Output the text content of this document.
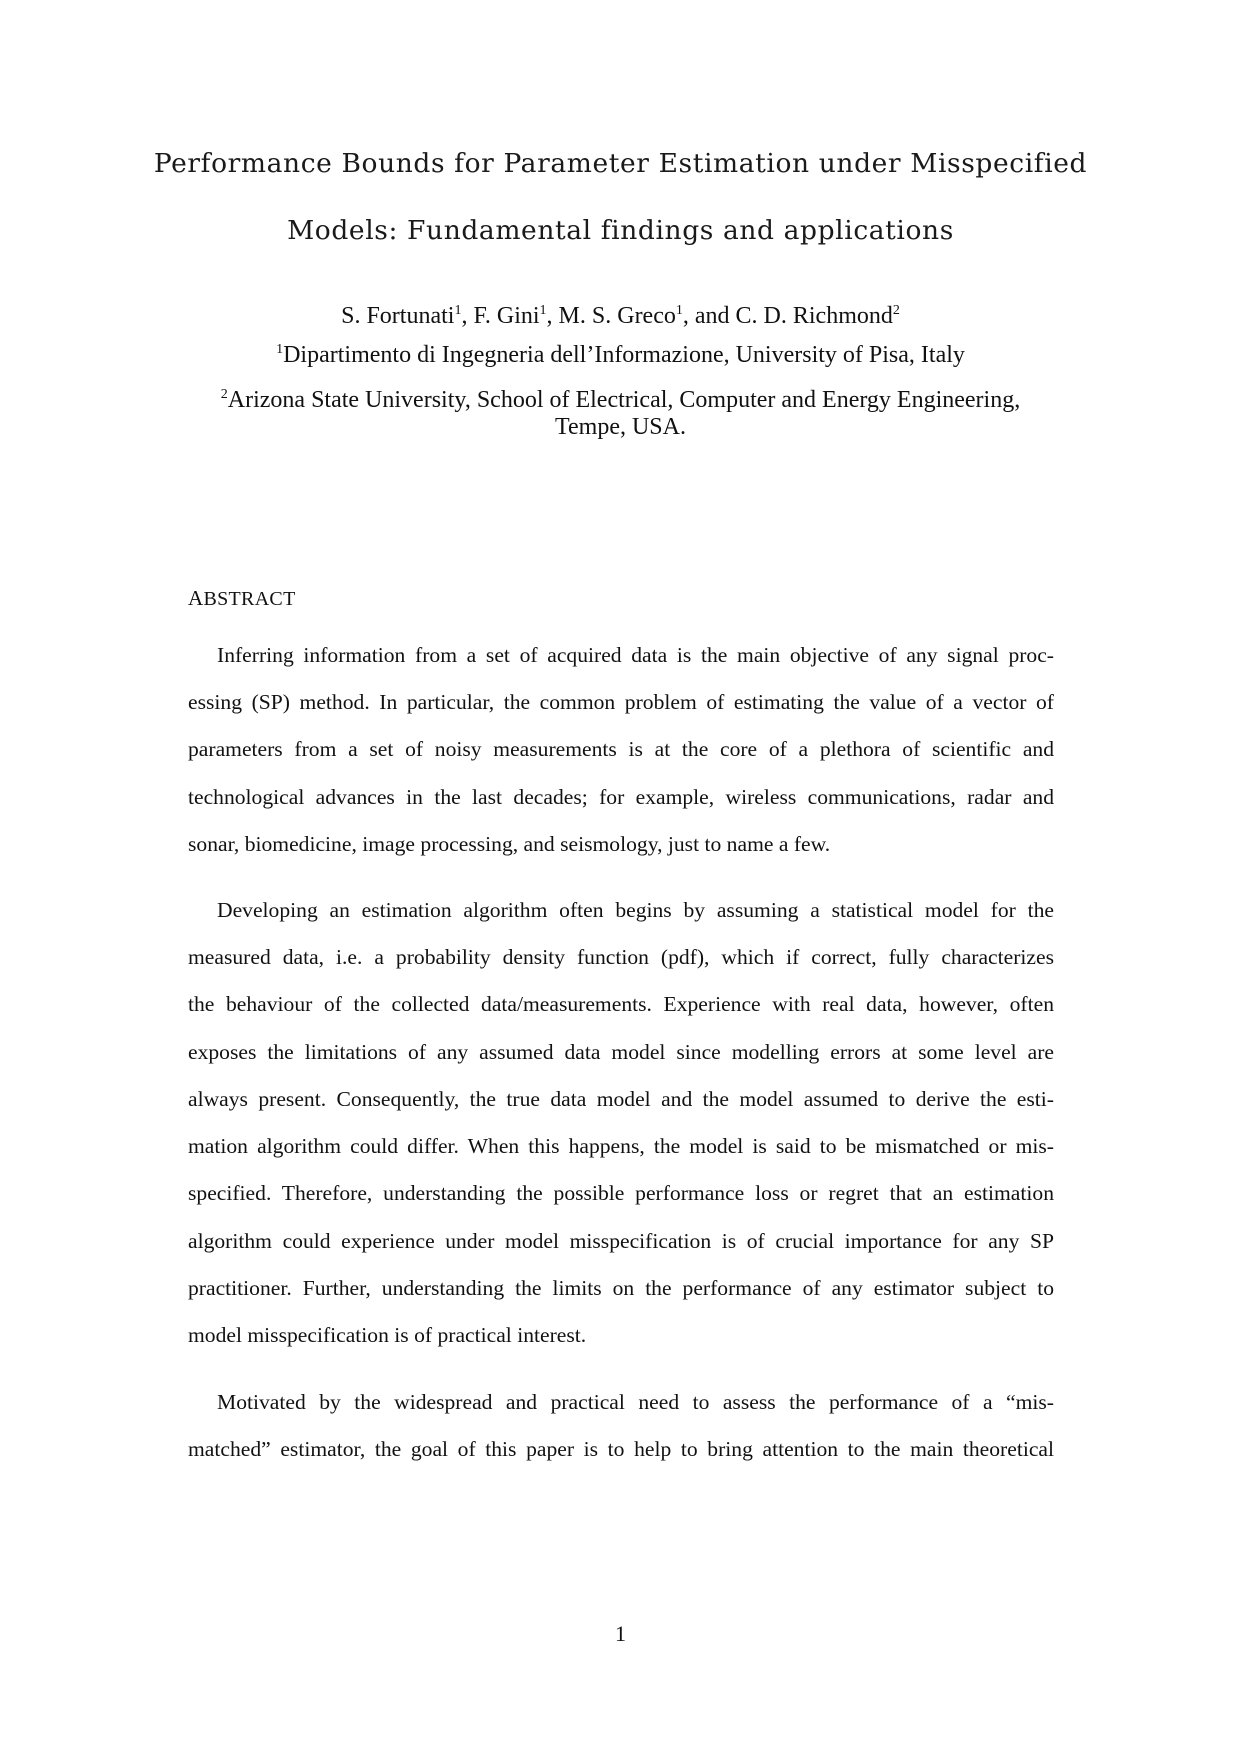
Performance Bounds for Parameter Estimation under Misspecified
Models: Fundamental findings and applications
S. Fortunati$^1$, F. Gini$^1$, M. S. Greco$^1$, and C. D. Richmond$^2$
$^1$Dipartimento di Ingegneria dell’Informazione, University of Pisa, Italy
$^2$Arizona State University, School of Electrical, Computer and Energy Engineering,
Tempe, USA.
ABSTRACT
Inferring information from a set of acquired data is the main objective of any signal proc-
essing (SP) method. In particular, the common problem of estimating the value of a vector of
parameters from a set of noisy measurements is at the core of a plethora of scientific and
technological advances in the last decades; for example, wireless communications, radar and
sonar, biomedicine, image processing, and seismology, just to name a few.
Developing an estimation algorithm often begins by assuming a statistical model for the
measured data, i.e. a probability density function (pdf), which if correct, fully characterizes
the behaviour of the collected data/measurements. Experience with real data, however, often
exposes the limitations of any assumed data model since modelling errors at some level are
always present. Consequently, the true data model and the model assumed to derive the esti-
mation algorithm could differ. When this happens, the model is said to be mismatched or mis-
specified. Therefore, understanding the possible performance loss or regret that an estimation
algorithm could experience under model misspecification is of crucial importance for any SP
practitioner. Further, understanding the limits on the performance of any estimator subject to
model misspecification is of practical interest.
Motivated by the widespread and practical need to assess the performance of a “mis-
matched” estimator, the goal of this paper is to help to bring attention to the main theoretical
1
